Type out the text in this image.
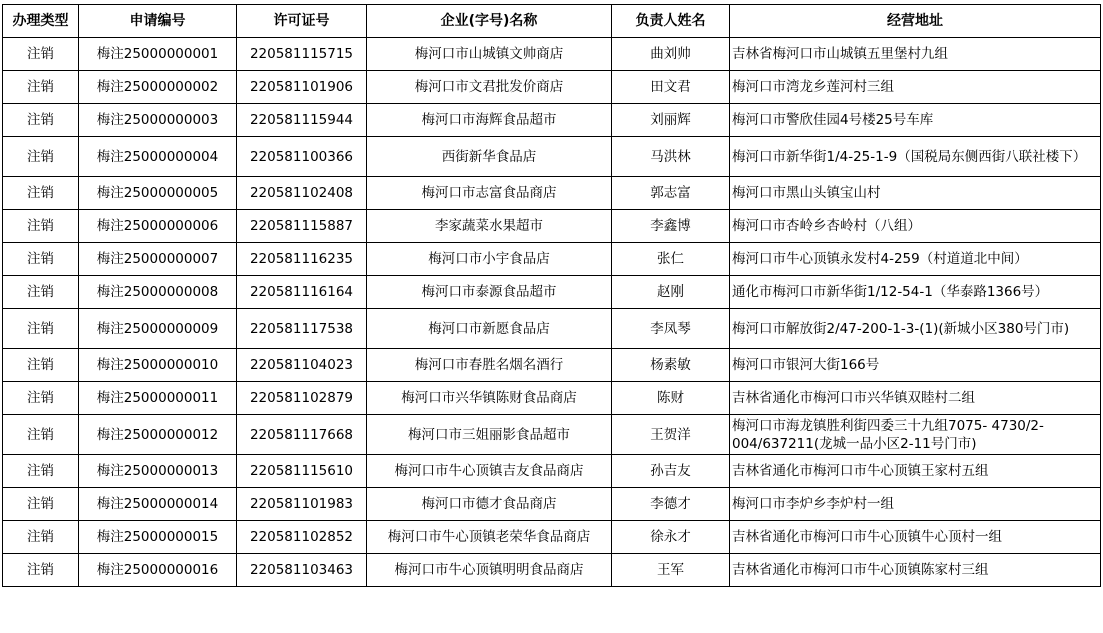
办理类型	申请编号	许可证号	企业(字号)名称	负责人姓名	经营地址
注销	梅注25000000001	220581115715	梅河口市山城镇文帅商店	曲刘帅	吉林省梅河口市山城镇五里堡村九组
注销	梅注25000000002	220581101906	梅河口市文君批发价商店	田文君	梅河口市湾龙乡莲河村三组
注销	梅注25000000003	220581115944	梅河口市海辉食品超市	刘丽辉	梅河口市警欣佳园4号楼25号车库
注销	梅注25000000004	220581100366	西街新华食品店	马洪林	梅河口市新华街1/4-25-1-9（国税局东侧西街八联社楼下）
注销	梅注25000000005	220581102408	梅河口市志富食品商店	郭志富	梅河口市黑山头镇宝山村
注销	梅注25000000006	220581115887	李家蔬菜水果超市	李鑫博	梅河口市杏岭乡杏岭村（八组）
注销	梅注25000000007	220581116235	梅河口市小宇食品店	张仁	梅河口市牛心顶镇永发村4-259（村道道北中间）
注销	梅注25000000008	220581116164	梅河口市泰源食品超市	赵刚	通化市梅河口市新华街1/12-54-1（华泰路1366号）
注销	梅注25000000009	220581117538	梅河口市新愿食品店	李凤琴	梅河口市解放街2/47-200-1-3-(1)(新城小区380号门市)
注销	梅注25000000010	220581104023	梅河口市春胜名烟名酒行	杨素敏	梅河口市银河大街166号
注销	梅注25000000011	220581102879	梅河口市兴华镇陈财食品商店	陈财	吉林省通化市梅河口市兴华镇双睦村二组
注销	梅注25000000012	220581117668	梅河口市三姐丽影食品超市	王贺洋	梅河口市海龙镇胜利街四委三十九组7075- 4730/2-004/637211(龙城一品小区2-11号门市)
注销	梅注25000000013	220581115610	梅河口市牛心顶镇吉友食品商店	孙吉友	吉林省通化市梅河口市牛心顶镇王家村五组
注销	梅注25000000014	220581101983	梅河口市德才食品商店	李德才	梅河口市李炉乡李炉村一组
注销	梅注25000000015	220581102852	梅河口市牛心顶镇老荣华食品商店	徐永才	吉林省通化市梅河口市牛心顶镇牛心顶村一组
注销	梅注25000000016	220581103463	梅河口市牛心顶镇明明食品商店	王军	吉林省通化市梅河口市牛心顶镇陈家村三组
